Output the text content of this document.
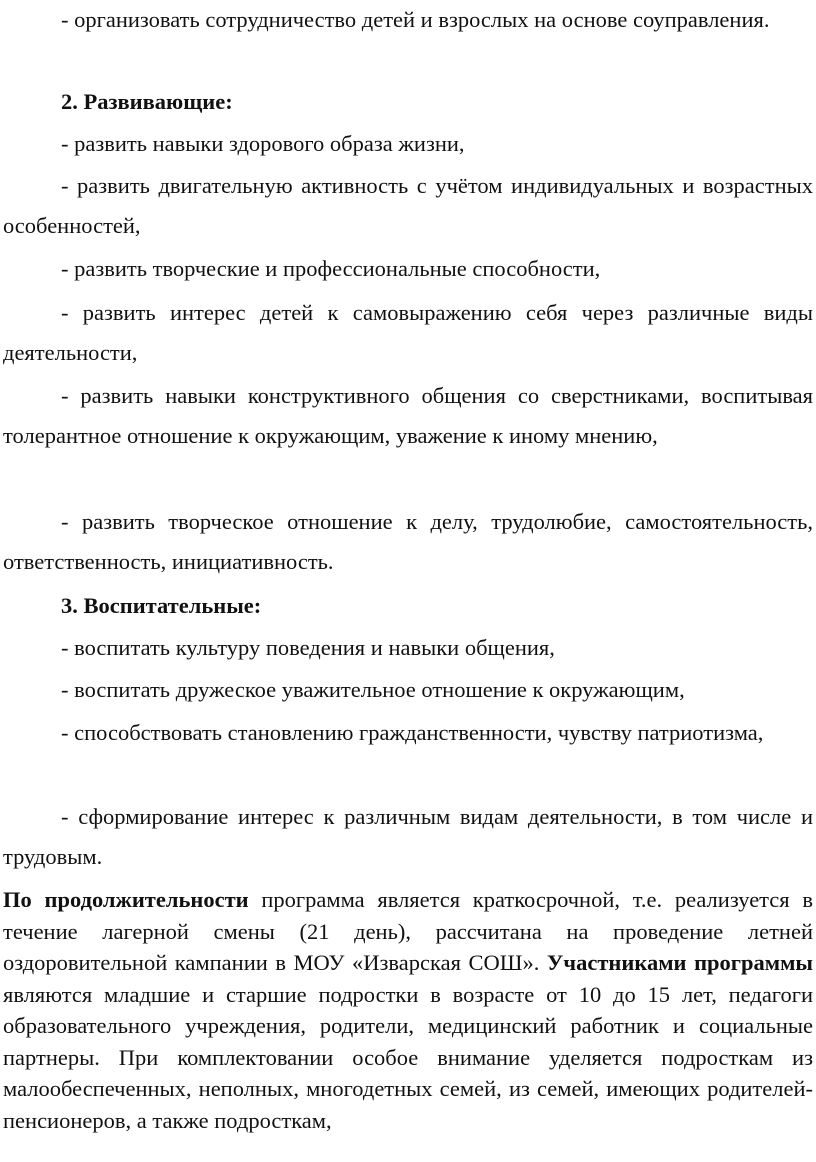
- организовать сотрудничество детей и взрослых на основе соуправления.

2. Развивающие:

- развить навыки здорового образа жизни,

- развить двигательную активность с учётом индивидуальных и возрастных особенностей,

- развить творческие и профессиональные способности,

- развить интерес детей к самовыражению себя через различные виды деятельности,

- развить навыки конструктивного общения со сверстниками, воспитывая толерантное отношение к окружающим, уважение к иному мнению,

- развить творческое отношение к делу, трудолюбие, самостоятельность, ответственность, инициативность.

3. Воспитательные:

- воспитать культуру поведения и навыки общения,

- воспитать дружеское уважительное отношение к окружающим,

- способствовать становлению гражданственности, чувству патриотизма,

- сформирование интерес к различным видам деятельности, в том числе и трудовым.

По продолжительности программа является краткосрочной, т.е. реализуется в течение лагерной смены (21 день), рассчитана на проведение летней оздоровительной кампании в МОУ «Изварская СОШ». Участниками программы являются младшие и старшие подростки в возрасте от 10 до 15 лет, педагоги образовательного учреждения, родители, медицинский работник и социальные партнеры. При комплектовании особое внимание уделяется подросткам из малообеспеченных, неполных, многодетных семей, из семей, имеющих родителей-пенсионеров, а также подросткам,
